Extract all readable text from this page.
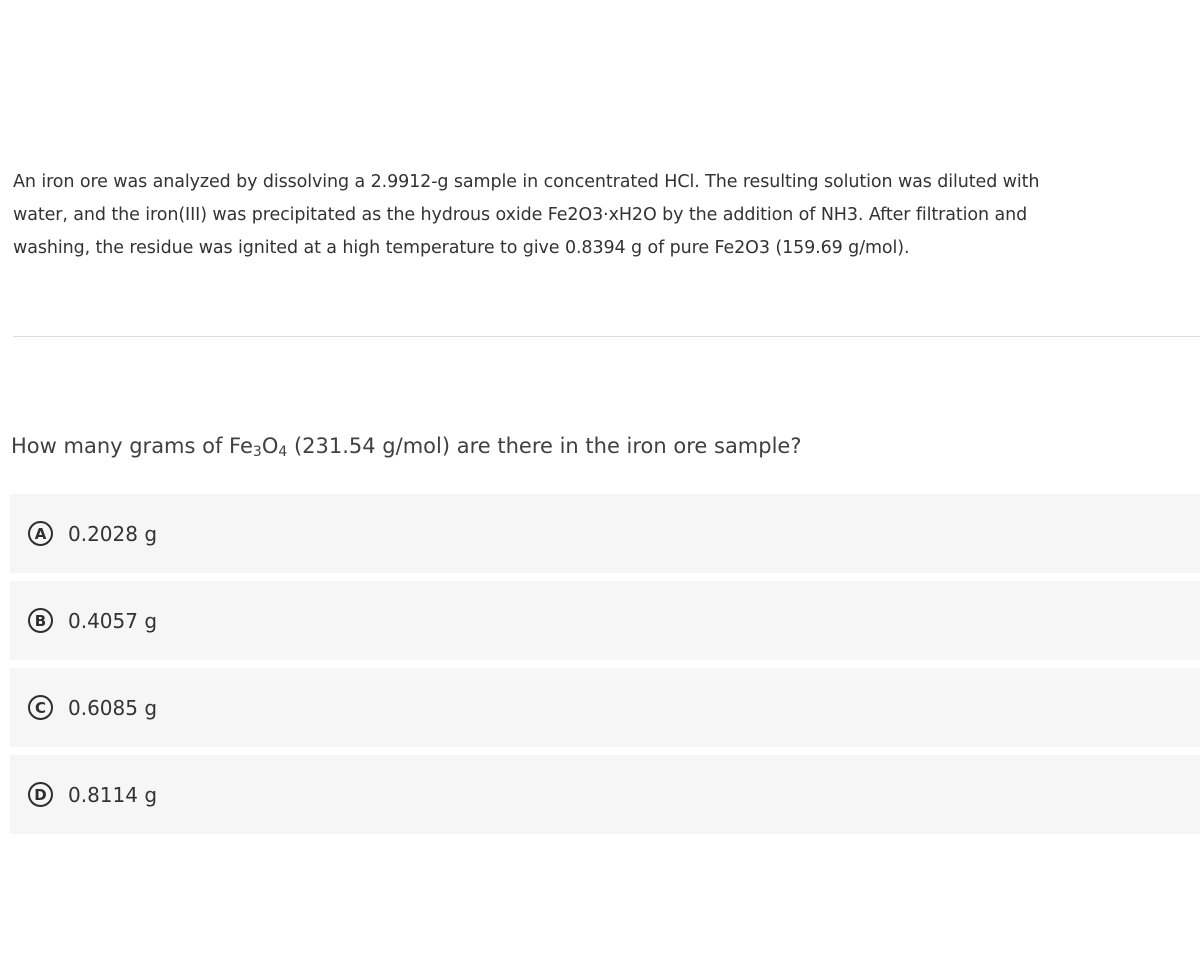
An iron ore was analyzed by dissolving a 2.9912-g sample in concentrated HCl. The resulting solution was diluted with

water, and the iron(III) was precipitated as the hydrous oxide Fe2O3·xH2O by the addition of NH3. After filtration and

washing, the residue was ignited at a high temperature to give 0.8394 g of pure Fe2O3 (159.69 g/mol).

How many grams of $Fe_3O_4$ (231.54 g/mol) are there in the iron ore sample?
A	0.2028 g
B	0.4057 g
C	0.6085 g
D	0.8114 g
